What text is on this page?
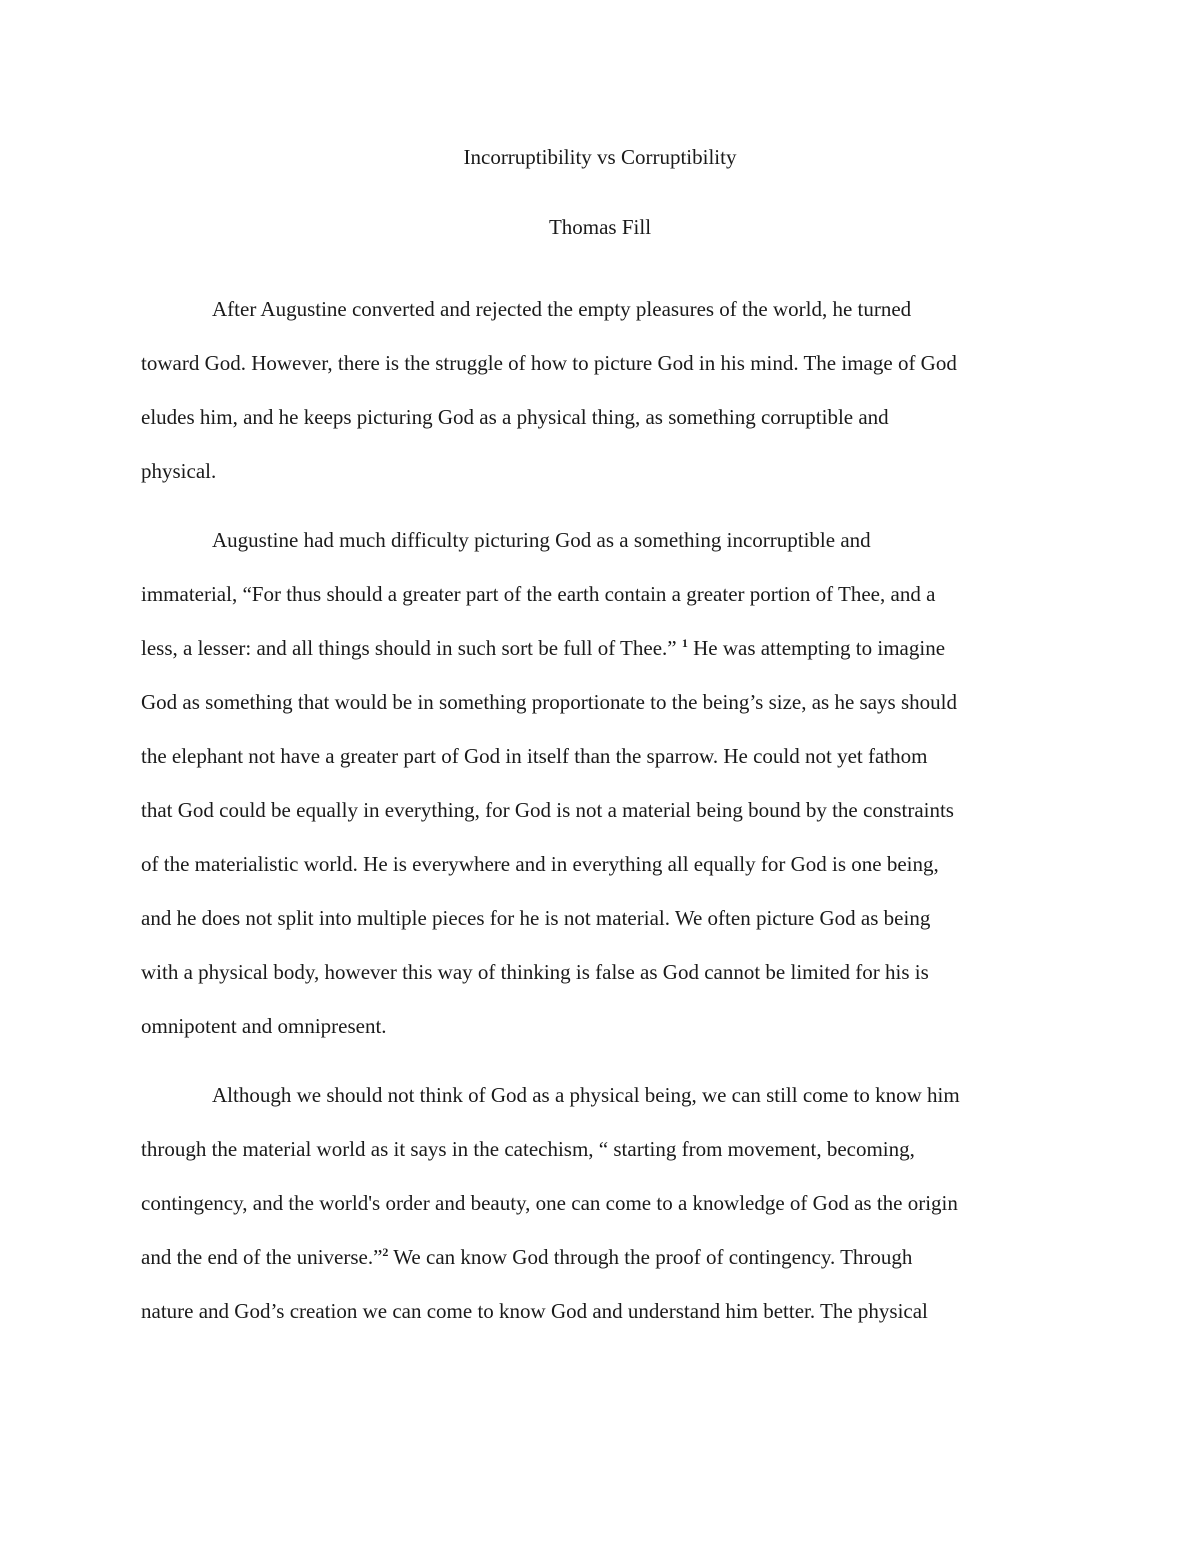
Incorruptibility vs Corruptibility
Thomas Fill
After Augustine converted and rejected the empty pleasures of the world, he turned
toward God. However, there is the struggle of how to picture God in his mind. The image of God
eludes him, and he keeps picturing God as a physical thing, as something corruptible and
physical.
Augustine had much difficulty picturing God as a something incorruptible and
immaterial, “For thus should a greater part of the earth contain a greater portion of Thee, and a
less, a lesser: and all things should in such sort be full of Thee.” $^1$ He was attempting to imagine
God as something that would be in something proportionate to the being’s size, as he says should
the elephant not have a greater part of God in itself than the sparrow. He could not yet fathom
that God could be equally in everything, for God is not a material being bound by the constraints
of the materialistic world. He is everywhere and in everything all equally for God is one being,
and he does not split into multiple pieces for he is not material. We often picture God as being
with a physical body, however this way of thinking is false as God cannot be limited for his is
omnipotent and omnipresent.
Although we should not think of God as a physical being, we can still come to know him
through the material world as it says in the catechism, “ starting from movement, becoming,
contingency, and the world's order and beauty, one can come to a knowledge of God as the origin
and the end of the universe.”$^2$ We can know God through the proof of contingency. Through
nature and God’s creation we can come to know God and understand him better. The physical
